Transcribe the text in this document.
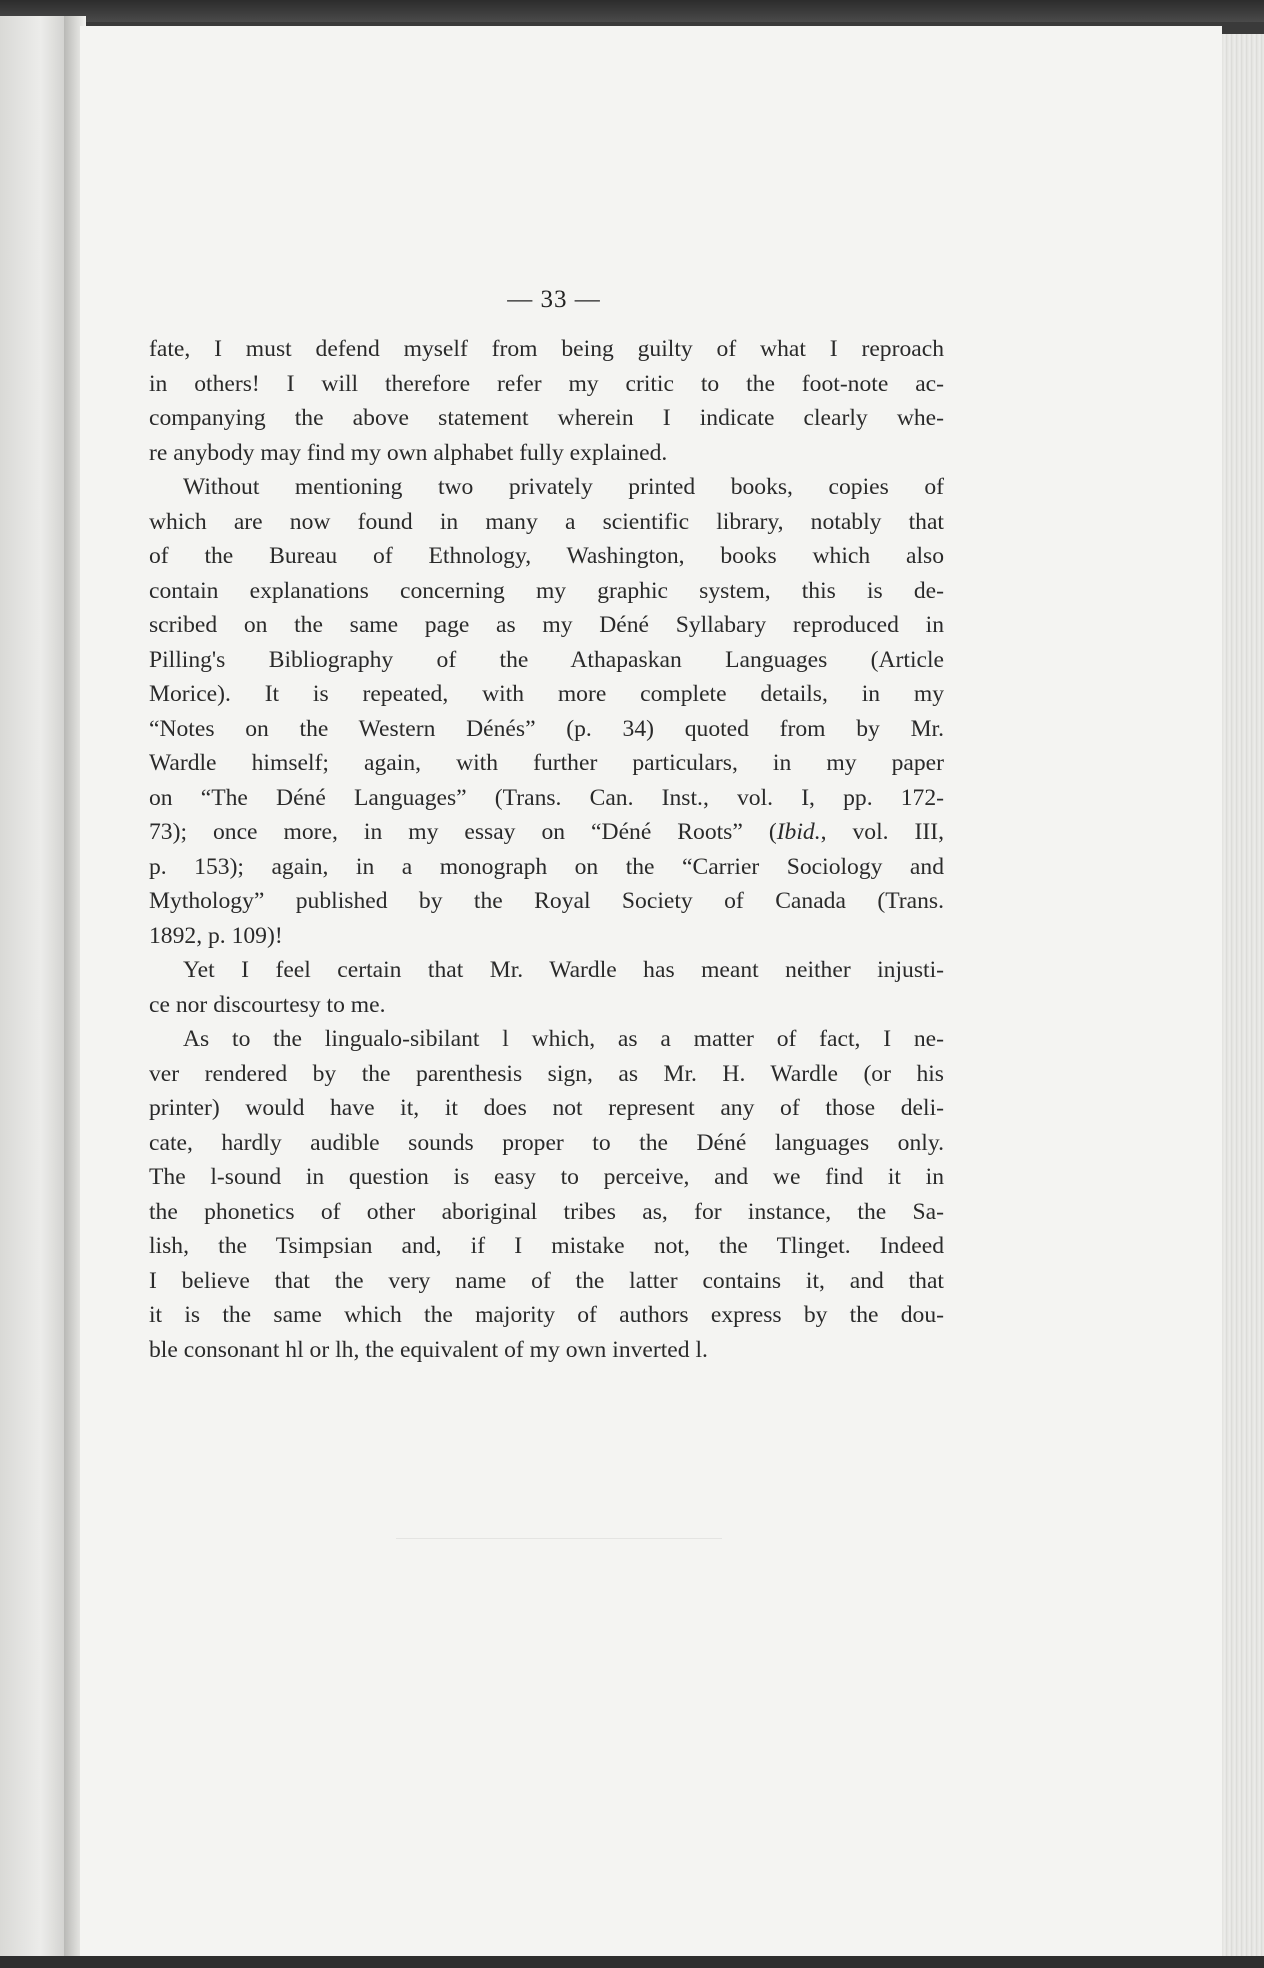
— 33 —
fate, I must defend myself from being guilty of what I reproach
in others! I will therefore refer my critic to the foot-note ac-
companying the above statement wherein I indicate clearly whe-
re anybody may find my own alphabet fully explained.
Without mentioning two privately printed books, copies of
which are now found in many a scientific library, notably that
of the Bureau of Ethnology, Washington, books which also
contain explanations concerning my graphic system, this is de-
scribed on the same page as my Déné Syllabary reproduced in
Pilling's Bibliography of the Athapaskan Languages (Article
Morice). It is repeated, with more complete details, in my
“Notes on the Western Dénés” (p. 34) quoted from by Mr.
Wardle himself; again, with further particulars, in my paper
on “The Déné Languages” (Trans. Can. Inst., vol. I, pp. 172-
73); once more, in my essay on “Déné Roots” (Ibid., vol. III,
p. 153); again, in a monograph on the “Carrier Sociology and
Mythology” published by the Royal Society of Canada (Trans.
1892, p. 109)!
Yet I feel certain that Mr. Wardle has meant neither injusti-
ce nor discourtesy to me.
As to the lingualo-sibilant l which, as a matter of fact, I ne-
ver rendered by the parenthesis sign, as Mr. H. Wardle (or his
printer) would have it, it does not represent any of those deli-
cate, hardly audible sounds proper to the Déné languages only.
The l-sound in question is easy to perceive, and we find it in
the phonetics of other aboriginal tribes as, for instance, the Sa-
lish, the Tsimpsian and, if I mistake not, the Tlinget. Indeed
I believe that the very name of the latter contains it, and that
it is the same which the majority of authors express by the dou-
ble consonant hl or lh, the equivalent of my own inverted l.
